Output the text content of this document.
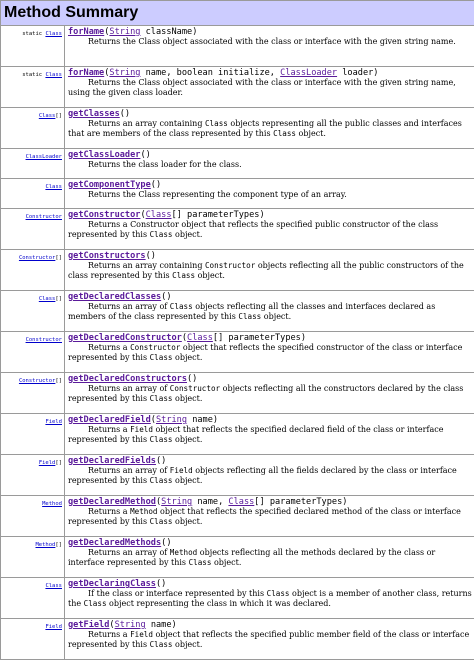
Method Summary	
static Class	forName(String className)

Returns the Class object associated with the class or interface with the given string name.

static Class	forName(String name, boolean initialize, ClassLoader loader)

Returns the Class object associated with the class or interface with the given string name, using the given class loader.

Class[]	getClasses()

Returns an array containing Class objects representing all the public classes and interfaces that are members of the class represented by this Class object.

ClassLoader	getClassLoader()

Returns the class loader for the class.

Class	getComponentType()

Returns the Class representing the component type of an array.

Constructor	getConstructor(Class[] parameterTypes)

Returns a Constructor object that reflects the specified public constructor of the class represented by this Class object.

Constructor[]	getConstructors()

Returns an array containing Constructor objects reflecting all the public constructors of the class represented by this Class object.

Class[]	getDeclaredClasses()

Returns an array of Class objects reflecting all the classes and interfaces declared as members of the class represented by this Class object.

Constructor	getDeclaredConstructor(Class[] parameterTypes)

Returns a Constructor object that reflects the specified constructor of the class or interface represented by this Class object.

Constructor[]	getDeclaredConstructors()

Returns an array of Constructor objects reflecting all the constructors declared by the class represented by this Class object.

Field	getDeclaredField(String name)

Returns a Field object that reflects the specified declared field of the class or interface represented by this Class object.

Field[]	getDeclaredFields()

Returns an array of Field objects reflecting all the fields declared by the class or interface represented by this Class object.

Method	getDeclaredMethod(String name, Class[] parameterTypes)

Returns a Method object that reflects the specified declared method of the class or interface represented by this Class object.

Method[]	getDeclaredMethods()

Returns an array of Method objects reflecting all the methods declared by the class or interface represented by this Class object.

Class	getDeclaringClass()

If the class or interface represented by this Class object is a member of another class, returns the Class object representing the class in which it was declared.

Field	getField(String name)

Returns a Field object that reflects the specified public member field of the class or interface represented by this Class object.
